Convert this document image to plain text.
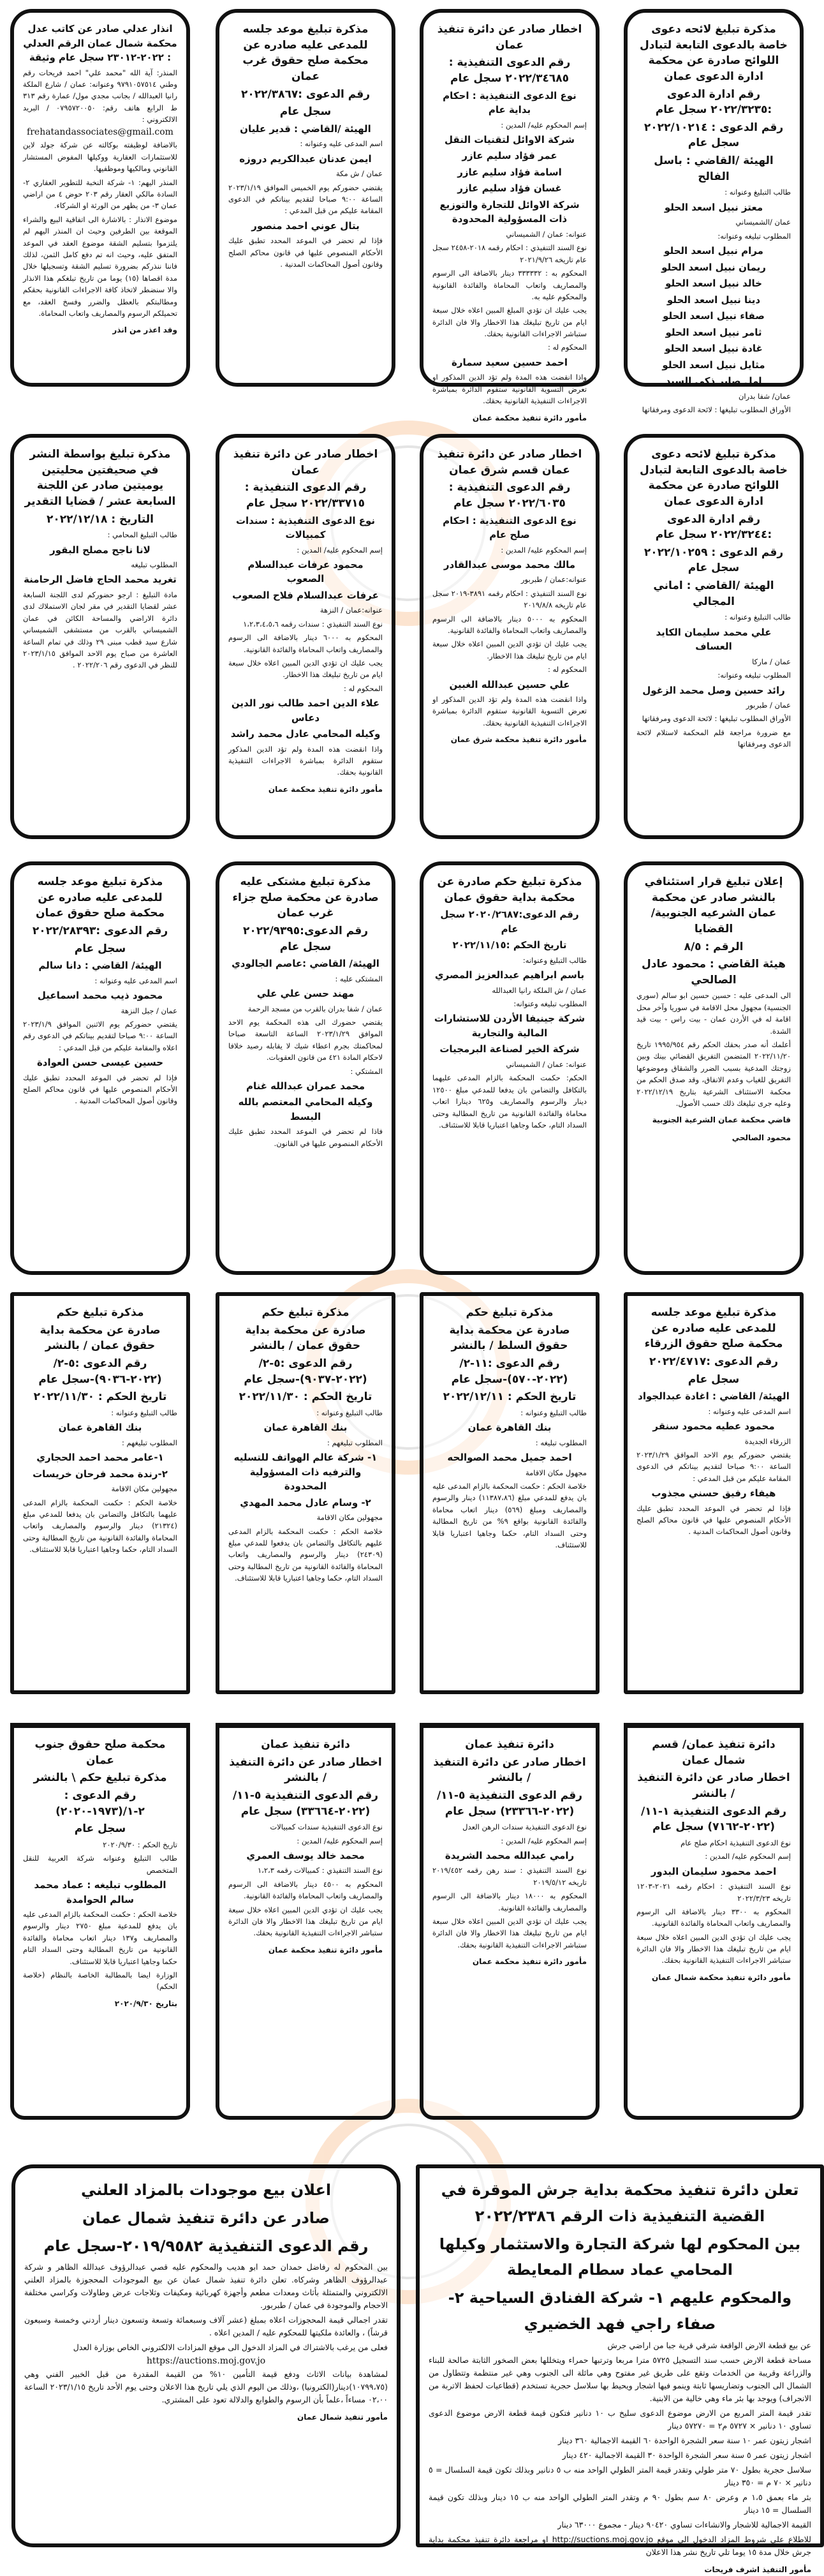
مذكرة تبليغ لائحه دعوى خاصة بالدعوى التابعة لتبادل اللوائح صادرة عن محكمة ادارة الدعوى عمان
رقم ادارة الدعوى :٢٠٢٢/٣٢٣٥ سجل عام
رقم الدعوى : ٢٠٢٢/١٠٢١٤ سجل عام
الهيئة /القاضي : باسل الفالح
طالب التبليغ وعنوانه :
معتز نبيل اسعد الحلو
عمان /الشميساني
المطلوب تبليغه وعنوانه:
مرام نبيل اسعد الحلو
ريمان نبيل اسعد الحلو
خالد نبيل اسعد الحلو
دينا نبيل اسعد الحلو
صفاء نبيل اسعد الحلو
ثامر نبيل اسعد الحلو
غادة نبيل اسعد الحلو
مثايل نبيل اسعد الحلو
امل صابر ذكي السيد
عمان/ شفا بدران
الأوراق المطلوب تبليغها : لائحة الدعوى ومرفقاتها
اخطار صادر عن دائرة تنفيذ عمان
رقم الدعوى التنفيذية : ٢٠٢٢/٣٤٦٨٥ سجل عام
نوع الدعوى التنفيذية : احكام بداية عام
إسم المحكوم عليه/ المدين :
شركة الاوائل لتقنيات النقل
عمر فؤاد سليم عازر
اسامة فؤاد سليم عازر
غسان فؤاد سليم عازر
شركة الاوائل للتجارة والتوزيع ذات المسؤولية المحدودة
عنوانه: عمان / الشميساني
نوع السند التنفيذي : احكام رقمه ٢٠١٨-٢٤٥٨ سجل عام تاريخه ٢٠٢١/٩/٢٦
المحكوم به : ٣٣٣٣٣٢ دينار بالاضافة الى الرسوم والمصاريف واتعاب المحاماة والفائدة القانونية والمحكوم عليه به.
يجب عليك ان تؤدي المبلغ المبين اعلاه خلال سبعة ايام من تاريخ تبليغك هذا الاخطار والا فان الدائرة ستباشر الاجراءات القانونية بحقك.
المحكوم له :
احمد حسين سعيد سمارة
واذا انقضت هذه المدة ولم تؤد الدين المذكور او تعرض التسوية القانونية ستقوم الدائرة بمباشرة الاجراءات التنفيذية القانونية بحقك.
مأمور دائرة تنفيذ محكمة عمان
مذكرة تبليغ موعد جلسه للمدعى عليه صادره عن محكمة صلح حقوق غرب عمان
رقم الدعوى :٢٠٢٢/٣٨٦٧
سجل عام
الهيئة /القاضي : قدير عليان
اسم المدعى عليه وعنوانه :
ايمن عدنان عبدالكريم دروزه
عمان / ش مكة
يقتضي حضوركم يوم الخميس الموافق ٢٠٢٣/١/١٩ الساعة ٩:٠٠ صباحا لتقديم بيناتكم في الدعوى المقامة عليكم من قبل المدعي :
بتال عوني احمد منصور
فإذا لم تحضر في الموعد المحدد تطبق عليك الأحكام المنصوص عليها في قانون محاكم الصلح وقانون أصول المحاكمات المدنية .
انذار عدلي صادر عن كاتب عدل محكمة شمال عمان الرقم العدلي : ٢٠٢٢-٢٣٠١٢ سجل عام وثيقة
المنذر: آية الله "محمد علي" احمد فريحات رقم وطني ٩٧٩١٠٥٧٥١٤ وعنوانه: عمان / شارع الملكة رانيا العبدالله / بجانب مجدي مول/ عمارة رقم ٣١٣ ط الرابع هاتف رقم: ٠٧٩٥٧٢٠٠٥٠ / البريد الالكتروني :
frehatandassociates@gmail.com
بالاضافة لوظيفته بوكالته عن شركة جولد لاين للاستثمارات العقارية ووكيلها المفوض المستشار القانوني ومالكيها وموظفيها.
المنذر اليهم: ١- شركة النخبة للتطوير العقاري ٢- السادة مالكي العقار رقم ٢٠٣ حوض ٤ من اراضي عمان ٣- من يظهر من الورثة او الشركاء.
موضوع الانذار : بالاشارة الى اتفاقية البيع والشراء الموقعة بين الطرفين وحيث ان المنذر اليهم لم يلتزموا بتسليم الشقة موضوع العقد في الموعد المتفق عليه، وحيث انه تم دفع كامل الثمن، لذلك فاننا ننذركم بضرورة تسليم الشقة وتسجيلها خلال مدة اقصاها (١٥) يوما من تاريخ تبلغكم هذا الانذار والا سنضطر لاتخاذ كافة الاجراءات القانونية بحقكم ومطالبتكم بالعطل والضرر وفسخ العقد، مع تحميلكم الرسوم والمصاريف واتعاب المحاماة.
وقد اعذر من انذر
مذكرة تبليغ لائحه دعوى خاصة بالدعوى التابعة لتبادل اللوائح صادرة عن محكمة ادارة الدعوى عمان
رقم ادارة الدعوى :٢٠٢٢/٣٢٤٤ سجل عام
رقم الدعوى : ٢٠٢٢/١٠٢٥٩ سجل عام
الهيئة /القاضي : اماني المجالي
طالب التبليغ وعنوانه :
علي محمد سليمان الكايد العساف
عمان / ماركا
المطلوب تبليغه وعنوانه:
رائد حسين وصل محمد الزغول
عمان / طبربور
الأوراق المطلوب تبليغها : لائحة الدعوى ومرفقاتها
مع ضرورة مراجعة قلم المحكمة لاستلام لائحة الدعوى ومرفقاتها
اخطار صادر عن دائرة تنفيذ عمان قسم شرق عمان
رقم الدعوى التنفيذية : ٢٠٢٢/٦٠٣٥ سجل عام
نوع الدعوى التنفيذية : احكام صلح عام
إسم المحكوم عليه/ المدين :
مالك محمد موسى عبدالقادر
عنوانه:عمان / طبربور
نوع السند التنفيذي : احكام رقمه ٣٨٩١-٢٠١٩ سجل عام تاريخه ٢٠١٩/٨/٨
المحكوم به ٥٠٠٠ دينار بالاضافة الى الرسوم والمصاريف واتعاب المحاماة والفائدة القانونية.
يجب عليك ان تؤدي الدين المبين اعلاه خلال سبعة ايام من تاريخ تبليغك هذا الاخطار.
المحكوم له :
علي حسين عبدالله الغبين
واذا انقضت هذه المدة ولم تؤد الدين المذكور او تعرض التسوية القانونية ستقوم الدائرة بمباشرة الاجراءات التنفيذية القانونية بحقك.
مأمور دائرة تنفيذ محكمة شرق عمان
اخطار صادر عن دائرة تنفيذ عمان
رقم الدعوى التنفيذية : ٢٠٢٢/٣٣٧١٥ سجل عام
نوع الدعوى التنفيذية : سندات كمبيالات
إسم المحكوم عليه/ المدين :
محمود عرفات عبدالسلام الصعوب
عرفات عبدالسلام فلاح الصعوب
عنوانه:عمان / النزهة
نوع السند التنفيذي : سندات رقمه ١،٢،٣،٤،٥،٦
المحكوم به ٦٠٠٠ دينار بالاضافة الى الرسوم والمصاريف واتعاب المحاماة والفائدة القانونية.
يجب عليك ان تؤدي الدين المبين اعلاه خلال سبعة ايام من تاريخ تبليغك هذا الاخطار.
المحكوم له :
علاء الدين احمد طالب نور الدين دعاس
وكيله المحامي عادل محمد راشد
واذا انقضت هذه المدة ولم تؤد الدين المذكور ستقوم الدائرة بمباشرة الاجراءات التنفيذية القانونية بحقك.
مأمور دائرة تنفيذ محكمة عمان
مذكرة تبليغ بواسطة النشر في صحيفتين محليتين يوميتين صادر عن اللجنة السابعة عشر / قضايا التقدير
التاريخ : ٢٠٢٢/١٢/١٨
طالب التبليغ المحامي :
لانا ناجح مصلح البقور
المطلوب تبليغه
تغريد محمد الحاج فاضل الرحامنة
مادة التبليغ : ارجو حضوركم لدى اللجنة السابعة عشر لقضايا التقدير في مقر لجان الاستملاك لدى دائرة الاراضي والمساحة الكائن في عمان الشميساني بالقرب من مستشفى الشميساني شارع سيد قطب مبنى ٢٩ وذلك في تمام الساعة العاشرة من صباح يوم الاحد الموافق ٢٠٢٣/١/١٥ للنظر في الدعوى رقم ٢٠٢٢/٢٠٦ .
إعلان تبليغ قرار استئنافي بالنشر صادر عن محكمة عمان الشرعيه الجنوبية/ القضايا
الرقم : ٨/٥
هيئة القاضي : محمود عادل الصالحي
الى المدعى عليه : حسين حسين ابو سالم (سوري الجنسية) مجهول محل الاقامة في سوريا وآخر محل اقامة له في الأردن عمان - بيت راس - بيت قيد الشدة.
أعلمك أنه صدر بحقك الحكم رقم ١٩٩٥/٩٥٤ تاريخ ٢٠٢٢/١١/٢٠ المتضمن التفريق القضائي بينك وبين زوجتك المدعية بسبب الضرر والشقاق وموضوعها التفريق للغياب وعدم الانفاق، وقد صدق الحكم من محكمة الاستئناف الشرعية بتاريخ ٢٠٢٢/١٢/١٩ وعليه جرى تبليغك ذلك حسب الأصول.
قاضي محكمة عمان الشرعية الجنوبية
محمود الصالحي
مذكرة تبليغ حكم صادرة عن محكمة بداية حقوق عمان
رقم الدعوى:٢٠٢٠/٢٦٨٧ سجل عام
تاريخ الحكم :٢٠٢٢/١١/١٥
طالب التبليغ وعنوانه:
باسم ابراهيم عبدالعزيز المصري
عمان / ش الملكة رانيا العبدالله
المطلوب تبليغه وعنوانه:
شركة جينيفا الأردن للاستشارات المالية والتجارية
شركة الخير لصناعة البرمجيات
عنوانه: عمان / الشميساني
الحكم: حكمت المحكمة بالزام المدعى عليهما بالتكافل والتضامن بان يدفعا للمدعي مبلغ ١٢٥٠٠ دينار والرسوم والمصاريف و٦٢٥ دينارا اتعاب محاماة والفائدة القانونية من تاريخ المطالبة وحتى السداد التام، حكما وجاهيا اعتباريا قابلا للاستئناف.
مذكرة تبليغ مشتكى عليه صادرة عن محكمة صلح جزاء غرب عمان
رقم الدعوى:٢٠٢٢/٩٣٩٥ سجل عام
الهيئة/ القاضي :عاصم الجالودي
المشتكى عليه :
مهند حسن علي علي
عمان / شفا بدران بالقرب من مسجد الرحمة
يقتضي حضورك الى هذه المحكمة يوم الاحد الموافق ٢٠٢٣/١/٢٩ الساعة التاسعة صباحا لمحاكمتك بجرم اعطاء شيك لا يقابله رصيد خلافا لاحكام المادة ٤٢١ من قانون العقوبات.
المشتكي :
محمد عمران عبدالله غنام
وكيله المحامي المعتصم بالله البسط
فاذا لم تحضر في الموعد المحدد تطبق عليك الأحكام المنصوص عليها في القانون.
مذكرة تبليغ موعد جلسه للمدعى عليه صادره عن محكمة صلح حقوق عمان
رقم الدعوى :٢٠٢٢/٢٨٣٩٣
سجل عام
الهيئة/ القاضي : دانا سالم
اسم المدعى عليه وعنوانه :
محمود ذيب محمد اسماعيل
عمان / جبل النزهة
يقتضي حضوركم يوم الاثنين الموافق ٢٠٢٣/١/٩ الساعة ٩:٠٠ صباحا لتقديم بيناتكم في الدعوى رقم اعلاه والمقامة عليكم من قبل المدعي :
حسين عيسى حسن العوادة
فإذا لم تحضر في الموعد المحدد تطبق عليك الأحكام المنصوص عليها في قانون محاكم الصلح وقانون أصول المحاكمات المدنية .
مذكرة تبليغ موعد جلسه للمدعى عليه صادره عن محكمة صلح حقوق الزرقاء
رقم الدعوى :٢٠٢٢/٤٧١٧
سجل عام
الهيئة/ القاضي : اغادة عبدالجواد
اسم المدعى عليه وعنوانه :
محمود عطيه محمود سنقر
الزرقاء الجديدة
يقتضي حضوركم يوم الاحد الموافق ٢٠٢٣/١/٢٩ الساعة ٩:٠٠ صباحا لتقديم بيناتكم في الدعوى المقامة عليكم من قبل المدعي :
هيفاء رفيق حسني مجذوب
فإذا لم تحضر في الموعد المحدد تطبق عليك الأحكام المنصوص عليها في قانون محاكم الصلح وقانون أصول المحاكمات المدنية .
مذكرة تبليغ حكم
صادرة عن محكمة بداية حقوق السلط / بالنشر
رقم الدعوى :١١-٢/ (٢٠٢٢-٥٧٠)-سجل عام
تاريخ الحكم : ٢٠٢٢/١٢/١١
طالب التبليغ وعنوانه :
بنك القاهرة عمان
المطلوب تبليغه :
احمد جميل محمد الصوالحه
مجهول مكان الاقامة
خلاصة الحكم : حكمت المحكمة بالزام المدعى عليه بان يدفع للمدعي مبلغ (١١٣٨٧،٨٦) دينار والرسوم والمصاريف ومبلغ (٥٦٩) دينار اتعاب محاماة والفائدة القانونية بواقع ٩% من تاريخ المطالبة وحتى السداد التام، حكما وجاهيا اعتباريا قابلا للاستئناف.
مذكرة تبليغ حكم
صادرة عن محكمة بداية حقوق عمان / بالنشر
رقم الدعوى :٥-٢/ (٢٠٢٢-٩٠٣٧)-سجل عام
تاريخ الحكم : ٢٠٢٢/١١/٣٠
طالب التبليغ وعنوانه :
بنك القاهرة عمان
المطلوب تبليغهم :
١- شركة عالم الهواتف للتسليه والترفيه ذات المسؤولية المحدودة
٢- وسام عادل محمد المهدي
مجهولين مكان الاقامة
خلاصة الحكم : حكمت المحكمة بالزام المدعى عليهم بالتكافل والتضامن بان يدفعوا للمدعي مبلغ (٢٤٣٠٩) دينار والرسوم والمصاريف واتعاب المحاماة والفائدة القانونية من تاريخ المطالبة وحتى السداد التام، حكما وجاهيا اعتباريا قابلا للاستئناف.
مذكرة تبليغ حكم
صادرة عن محكمة بداية حقوق عمان / بالنشر
رقم الدعوى :٥-٢/ (٢٠٢٢-٩٠٣٦)-سجل عام
تاريخ الحكم : ٢٠٢٢/١١/٣٠
طالب التبليغ وعنوانه :
بنك القاهرة عمان
المطلوب تبليغهم :
١-عامر محمد احمد الحجاري
٢-رندة محمد فرحان خريسات
مجهولين مكان الاقامة
خلاصة الحكم : حكمت المحكمة بالزام المدعى عليهما بالتكافل والتضامن بان يدفعا للمدعي مبلغ (٢١٣٢٤) دينار والرسوم والمصاريف واتعاب المحاماة والفائدة القانونية من تاريخ المطالبة وحتى السداد التام، حكما وجاهيا اعتباريا قابلا للاستئناف.
دائرة تنفيذ عمان/ قسم شمال عمان
اخطار صادر عن دائرة التنفيذ / بالنشر
رقم الدعوى التنفيذية ١-١١/ (٢٠٢٢-٧١٦٢) سجل عام
نوع الدعوى التنفيذية احكام صلح عام
إسم المحكوم عليه/ المدين :
احمد محمود سليمان البدور
نوع السند التنفيذي : احكام رقمه ٢٠٢١-١٢٠٣ تاريخه ٢٠٢٢/٣/٢٣
المحكوم به ٣٣٠٠ دينار بالاضافة الى الرسوم والمصاريف واتعاب المحاماة والفائدة القانونية.
يجب عليك ان تؤدي الدين المبين اعلاه خلال سبعة ايام من تاريخ تبليغك هذا الاخطار والا فان الدائرة ستباشر الاجراءات التنفيذية القانونية بحقك.
مأمور دائرة تنفيذ محكمة شمال عمان
دائرة تنفيذ عمان
اخطار صادر عن دائرة التنفيذ / بالنشر
رقم الدعوى التنفيذية ٥-١١/ (٢٠٢٢-٢٣٣٦٦) سجل عام
نوع الدعوى التنفيذية سندات الرهن العدل
إسم المحكوم عليه/ المدين :
رامي عبدالله محمد الشريدة
نوع السند التنفيذي : سند رهن رقمه ٢٠١٩/٤٥٢ تاريخه ٢٠١٩/٥/١٢
المحكوم به ١٨٠٠٠ دينار بالاضافة الى الرسوم والمصاريف والفائدة القانونية.
يجب عليك ان تؤدي الدين المبين اعلاه خلال سبعة ايام من تاريخ تبليغك هذا الاخطار والا فان الدائرة ستباشر الاجراءات التنفيذية القانونية بحقك.
مأمور دائرة تنفيذ محكمة عمان
دائرة تنفيذ عمان
اخطار صادر عن دائرة التنفيذ / بالنشر
رقم الدعوى التنفيذية ٥-١١/ (٢٠٢٢-٣٣٦٦٤) سجل عام
نوع الدعوى التنفيذية سندات كمبيالات
إسم المحكوم عليه/ المدين :
محمد خالد يوسف العمري
نوع السند التنفيذي : كمبيالات رقمه ١،٢،٣
المحكوم به ٤٥٠٠ دينار بالاضافة الى الرسوم والمصاريف واتعاب المحاماة والفائدة القانونية.
يجب عليك ان تؤدي الدين المبين اعلاه خلال سبعة ايام من تاريخ تبليغك هذا الاخطار والا فان الدائرة ستباشر الاجراءات التنفيذية القانونية بحقك.
مأمور دائرة تنفيذ محكمة عمان
محكمة صلح حقوق جنوب عمان
مذكرة تبليغ حكم \ بالنشر
رقم الدعوى : ٢-١/(١٩٧٣-٢٠٢٠)
سجل عام
تاريخ الحكم : ٢٠٢٠/٩/٣٠
طالب التبليغ وعنوانه شركة العربية للنقل المتخصص
المطلوب تبليغه : عماد محمد سالم الحوامدة
خلاصة الحكم : حكمت المحكمة بالزام المدعى عليه بان يدفع للمدعية مبلغ ٢٧٥٠ دينار والرسوم والمصاريف و١٣٧ دينار اتعاب محاماة والفائدة القانونية من تاريخ المطالبة وحتى السداد التام حكما وجاهيا اعتباريا قابلا للاستئناف.
الوزارة ايضا بالمطالبة الخاصة بالنظام (خلاصة الحكم)
بتاريخ ٢٠٢٠/٩/٣٠
اعلان بيع موجودات بالمزاد العلني
صادر عن دائرة تنفيذ شمال عمان
رقم الدعوى التنفيذية ٢٠١٩/٩٥٨٢-سجل عام
بين المحكوم له رفاضل حمدان حمد ابو هديب والمحكوم عليه قصي عبدالرؤوف عبدالله الظاهر و شركة عبدالرؤوف الظاهر وشركاه. تعلن دائرة تنفيذ شمال عمان عن بيع الموجودات المحجوزة بالمزاد العلني الالكتروني والمتمثلة بأثاث ومعدات مطعم وأجهزة كهربائية ومكيفات وثلاجات عرض وطاولات وكراسي مختلفة الاحجام والموجودة في عمان / طبربور.
تقدر اجمالي قيمة المحجوزات اعلاه بمبلغ (عشر آلاف وسبعمائة وتسعة وتسعون دينار أردني وخمسة وسبعون قرشاً) ، والعائدة ملكيتها للمحكوم عليه / المدين اعلاه .
فعلى من يرغب بالاشتراك في المزاد الدخول الى موقع المزادات الالكتروني الخاص بوزارة العدل
https://auctions.moj.gov.jo
لمشاهدة بيانات الاثاث ودفع قيمة التأمين ١٠% من القيمة المقدرة من قبل الخبير الفني وهي (١٠٧٩٩،٧٥)دينار(الكترونيا) ،وذلك من اليوم الذي يلي تاريخ هذا الاعلان وحتى يوم الأحد تاريخ ٢٠٢٣/١/١٥ الساعة ٠٢،٠٠ مساءاً ،علماً بأن الرسوم والطوابع والدلالة تعود على المشتري.
مأمور تنفيذ شمال عمان
تعلن دائرة تنفيذ محكمة بداية جرش الموقرة في القضية التنفيذية ذات الرقم ٢٠٢٢/٢٣٨٦
بين المحكوم لها شركة التجارة والاستثمار وكيلها المحامي عماد سطام المعايطة
والمحكوم عليهم ١- شركة الفنادق السياحية ٢- صفاء راجي فهد الخضيري
عن بيع قطعة الارض الواقعة شرقي قرية جبا من اراضي جرش
مساحة قطعة الارض حسب سند التسجيل ٥٧٢٥ مترا مربعا وترتبها حمراء ويتخللها بعض الصخور الثابتة صالحة للبناء والزراعة وقريبة من الخدمات وتقع على طريق غير مفتوح وهي مائلة الى الجنوب وهي غير منتظمة وتتطاول من الشمال الى الجنوب وتضاريسها ثابتة وينمو فيها اشجار ويحيط بها سلاسل حجرية تستخدم (قطاعيات لحفظ الاتربة من الانجراف) ويوجد بها بئر ماء وهي خالية من الابنية.
تقدر قيمة المتر المربع من الارض موضوع الدعوى سليخ ب ١٠ دنانير فتكون قيمة قطعة الارض موضوع الدعوى تساوي ١٠ دنانير × ٥٧٢٧ م٢ = ٥٧٢٧٠ دينار
اشجار زيتون عمر ١٠ سنة سعر الشجرة الواحدة ٦٠ القيمة الاجمالية ٣٦٠ دينار
اشجار زيتون عمر ٥ سنة سعر الشجرة الواحدة ٣٠ القيمة الاجمالية ٤٢٠ دينار
سلاسل حجرية بطول ٧٠ متر طولي وتقدر قيمة المتر الطولي الواحد منه ب ٥ دنانير وبذلك تكون قيمة السلسال = ٥ دنانير × ٧٠ م = ٣٥٠ دينار
بئر ماء بعمق ١،٥ م وعرض ٨٠ سم بطول ٩٠ م وتقدر المتر الطولي الواحد منه ب ١٥ دينار وبذلك تكون قيمة السلسال = ١٥ دينار
القيمة الاجمالية للاشجار والانشاءات تساوي ٩٠٤٢٠ دينار - مجموع ٦٣٠٠٠ دينار
للاطلاع على شروط المزاد الدخول الى موقع http://suctions.moj.gov.jo او مراجعة دائرة تنفيذ محكمة بداية جرش خلال مدة ١٥ يوما تلي تاريخ نشر هذا الاعلان
مأمور التنفيذ اشرف فريحات
